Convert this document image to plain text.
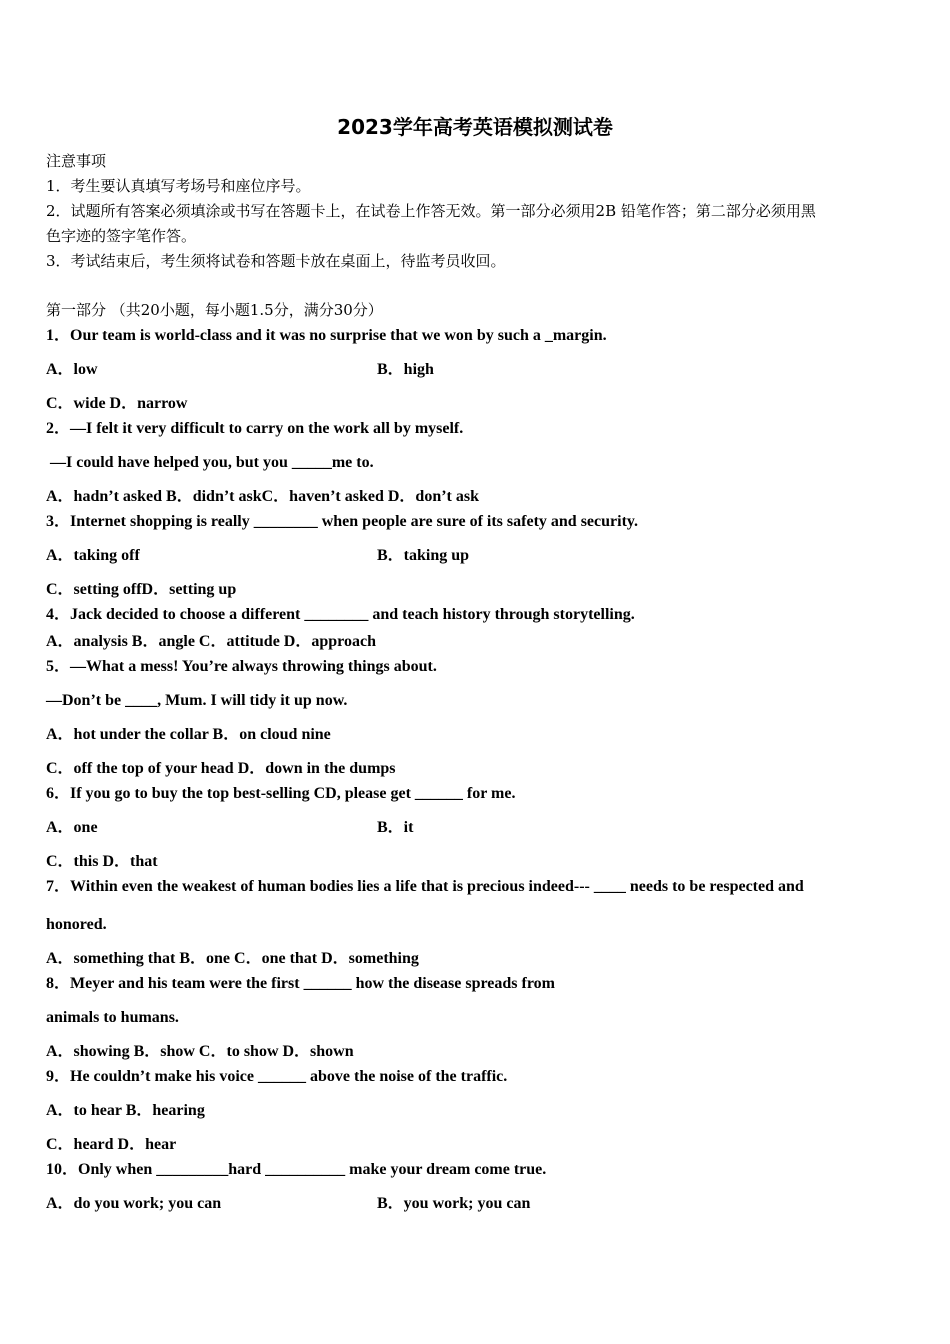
2023学年高考英语模拟测试卷
注意事项
1．考生要认真填写考场号和座位序号。
2．试题所有答案必须填涂或书写在答题卡上，在试卷上作答无效。第一部分必须用2B 铅笔作答；第二部分必须用黑
色字迹的签字笔作答。
3．考试结束后，考生须将试卷和答题卡放在桌面上，待监考员收回。
第一部分 （共20小题，每小题1.5分，满分30分）
1．Our team is world-class and it was no surprise that we won by such a _margin.
A．low	B．high
C．wide D．narrow
2．—I felt it very difficult to carry on the work all by myself.
—I could have helped you, but you _____me to.
A．hadn’t asked B．didn’t askC．haven’t asked D．don’t ask
3．Internet shopping is really ________ when people are sure of its safety and security.
A．taking off	B．taking up
C．setting offD．setting up
4．Jack decided to choose a different ________ and teach history through storytelling.
A．analysis B．angle C．attitude D．approach
5．—What a mess! You’re always throwing things about.
—Don’t be ____, Mum. I will tidy it up now.
A．hot under the collar B．on cloud nine
C．off the top of your head D．down in the dumps
6．If you go to buy the top best-selling CD, please get ______ for me.
A．one	B．it
C．this D．that
7．Within even the weakest of human bodies lies a life that is precious indeed--- ____ needs to be respected and
honored.
A．something that B．one C．one that D．something
8．Meyer and his team were the first ______ how the disease spreads from
animals to humans.
A．showing B．show C．to show D．shown
9．He couldn’t make his voice ______ above the noise of the traffic.
A．to hear B．hearing
C．heard D．hear
10．Only when _________hard __________ make your dream come true.
A．do you work; you can	B．you work; you can
